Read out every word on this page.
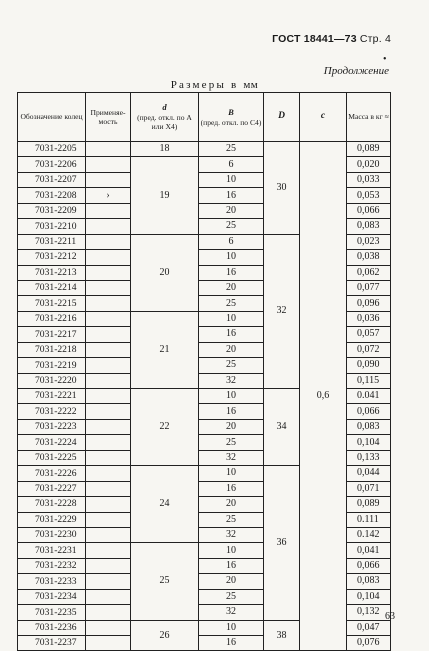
ГОСТ 18441—73 Стр. 4
•
Продолжение
Размеры в мм
Обозначение колец	Применяе- мость	d
(пред. откл. по A или X4)	B
(пред. откл. по C4)	D	c	Масса в кг ≈
7031-2205		18	25	30	0,6	0,089
7031-2206		19	6			0,020
7031-2207			10			0,033
7031-2208	›		16			0,053
7031-2209			20			0,066
7031-2210			25			0,083
7031-2211		20	6	32		0,023
7031-2212			10			0,038
7031-2213			16			0,062
7031-2214			20			0,077
7031-2215			25			0,096
7031-2216		21	10			0,036
7031-2217			16			0,057
7031-2218			20			0,072
7031-2219			25			0,090
7031-2220			32			0,115
7031-2221		22	10	34		0.041
7031-2222			16			0,066
7031-2223			20			0,083
7031-2224			25			0,104
7031-2225			32			0,133
7031-2226		24	10	36		0,044
7031-2227			16			0,071
7031-2228			20			0,089
7031-2229			25			0.111
7031-2230			32			0.142
7031-2231		25	10			0,041
7031-2232			16			0,066
7031-2233			20			0,083
7031-2234			25			0,104
7031-2235			32			0,132
7031-2236		26	10	38		0,047
7031-2237			16			0,076
63
